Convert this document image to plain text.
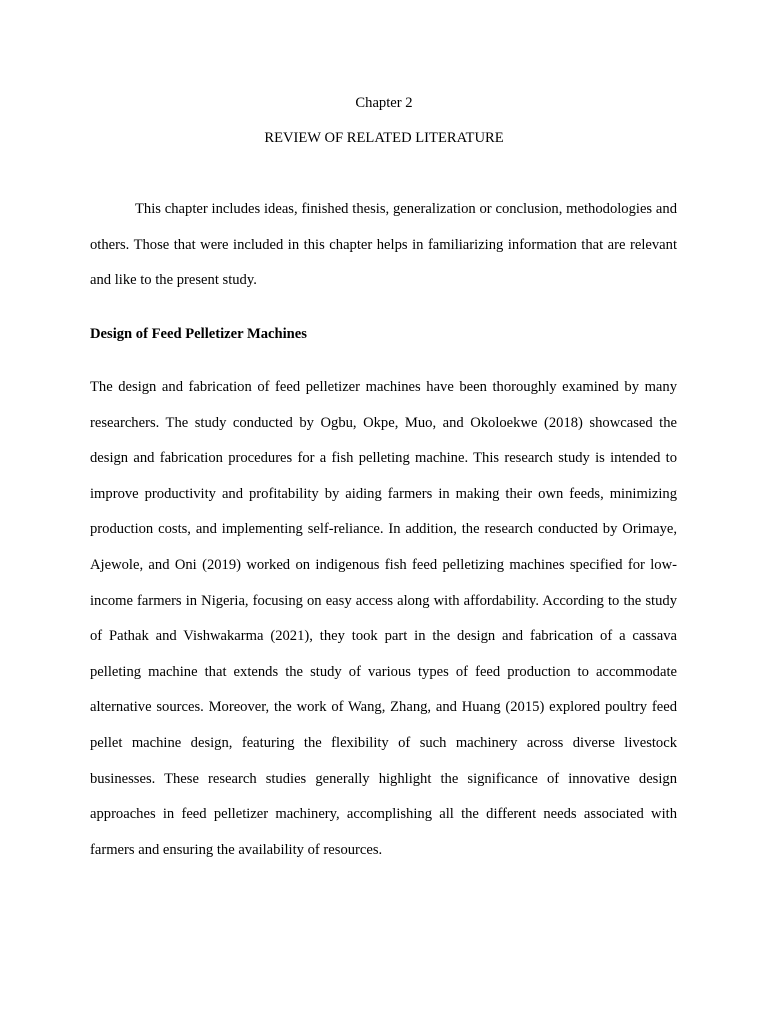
Chapter 2
REVIEW OF RELATED LITERATURE

This chapter includes ideas, finished thesis, generalization or conclusion, methodologies and others. Those that were included in this chapter helps in familiarizing information that are relevant and like to the present study.

Design of Feed Pelletizer Machines

The design and fabrication of feed pelletizer machines have been thoroughly examined by many researchers. The study conducted by Ogbu, Okpe, Muo, and Okoloekwe (2018) showcased the design and fabrication procedures for a fish pelleting machine. This research study is intended to improve productivity and profitability by aiding farmers in making their own feeds, minimizing production costs, and implementing self-reliance. In addition, the research conducted by Orimaye, Ajewole, and Oni (2019) worked on indigenous fish feed pelletizing machines specified for low-income farmers in Nigeria, focusing on easy access along with affordability. According to the study of Pathak and Vishwakarma (2021), they took part in the design and fabrication of a cassava pelleting machine that extends the study of various types of feed production to accommodate alternative sources. Moreover, the work of Wang, Zhang, and Huang (2015) explored poultry feed pellet machine design, featuring the flexibility of such machinery across diverse livestock businesses. These research studies generally highlight the significance of innovative design approaches in feed pelletizer machinery, accomplishing all the different needs associated with farmers and ensuring the availability of resources.
